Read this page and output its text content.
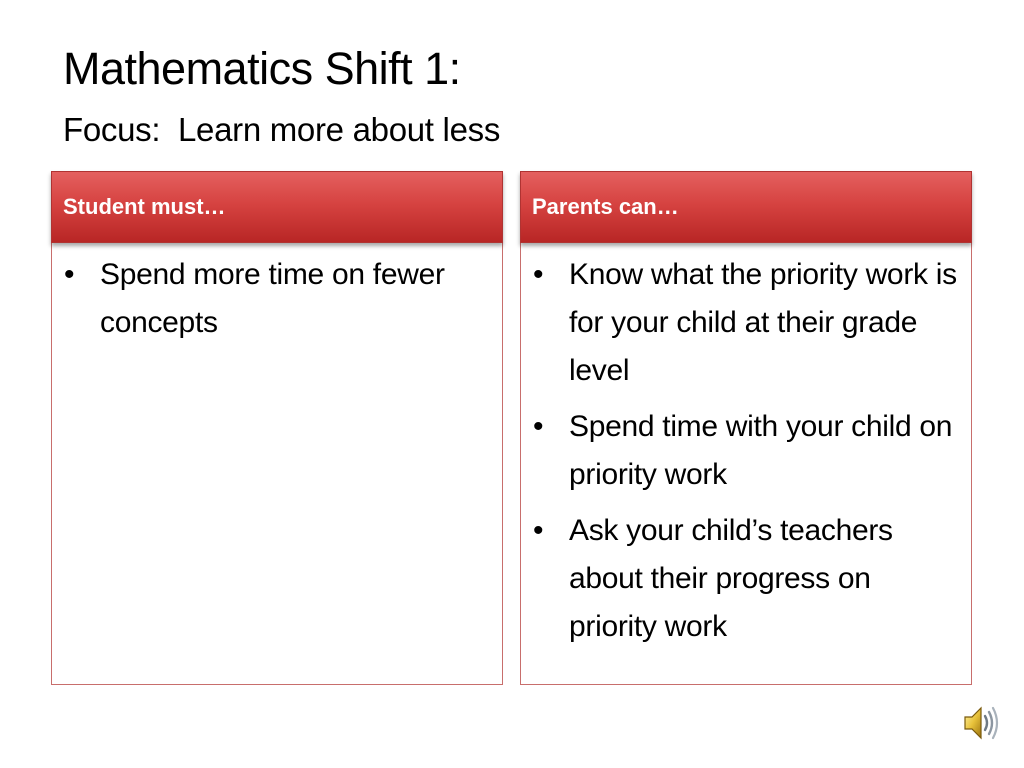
Mathematics Shift 1:
Focus:  Learn more about less
Student must…
• Spend more time on fewer concepts
Parents can…
• Know what the priority work is for your child at their grade level
• Spend time with your child on priority work
• Ask your child’s teachers about their progress on priority work
